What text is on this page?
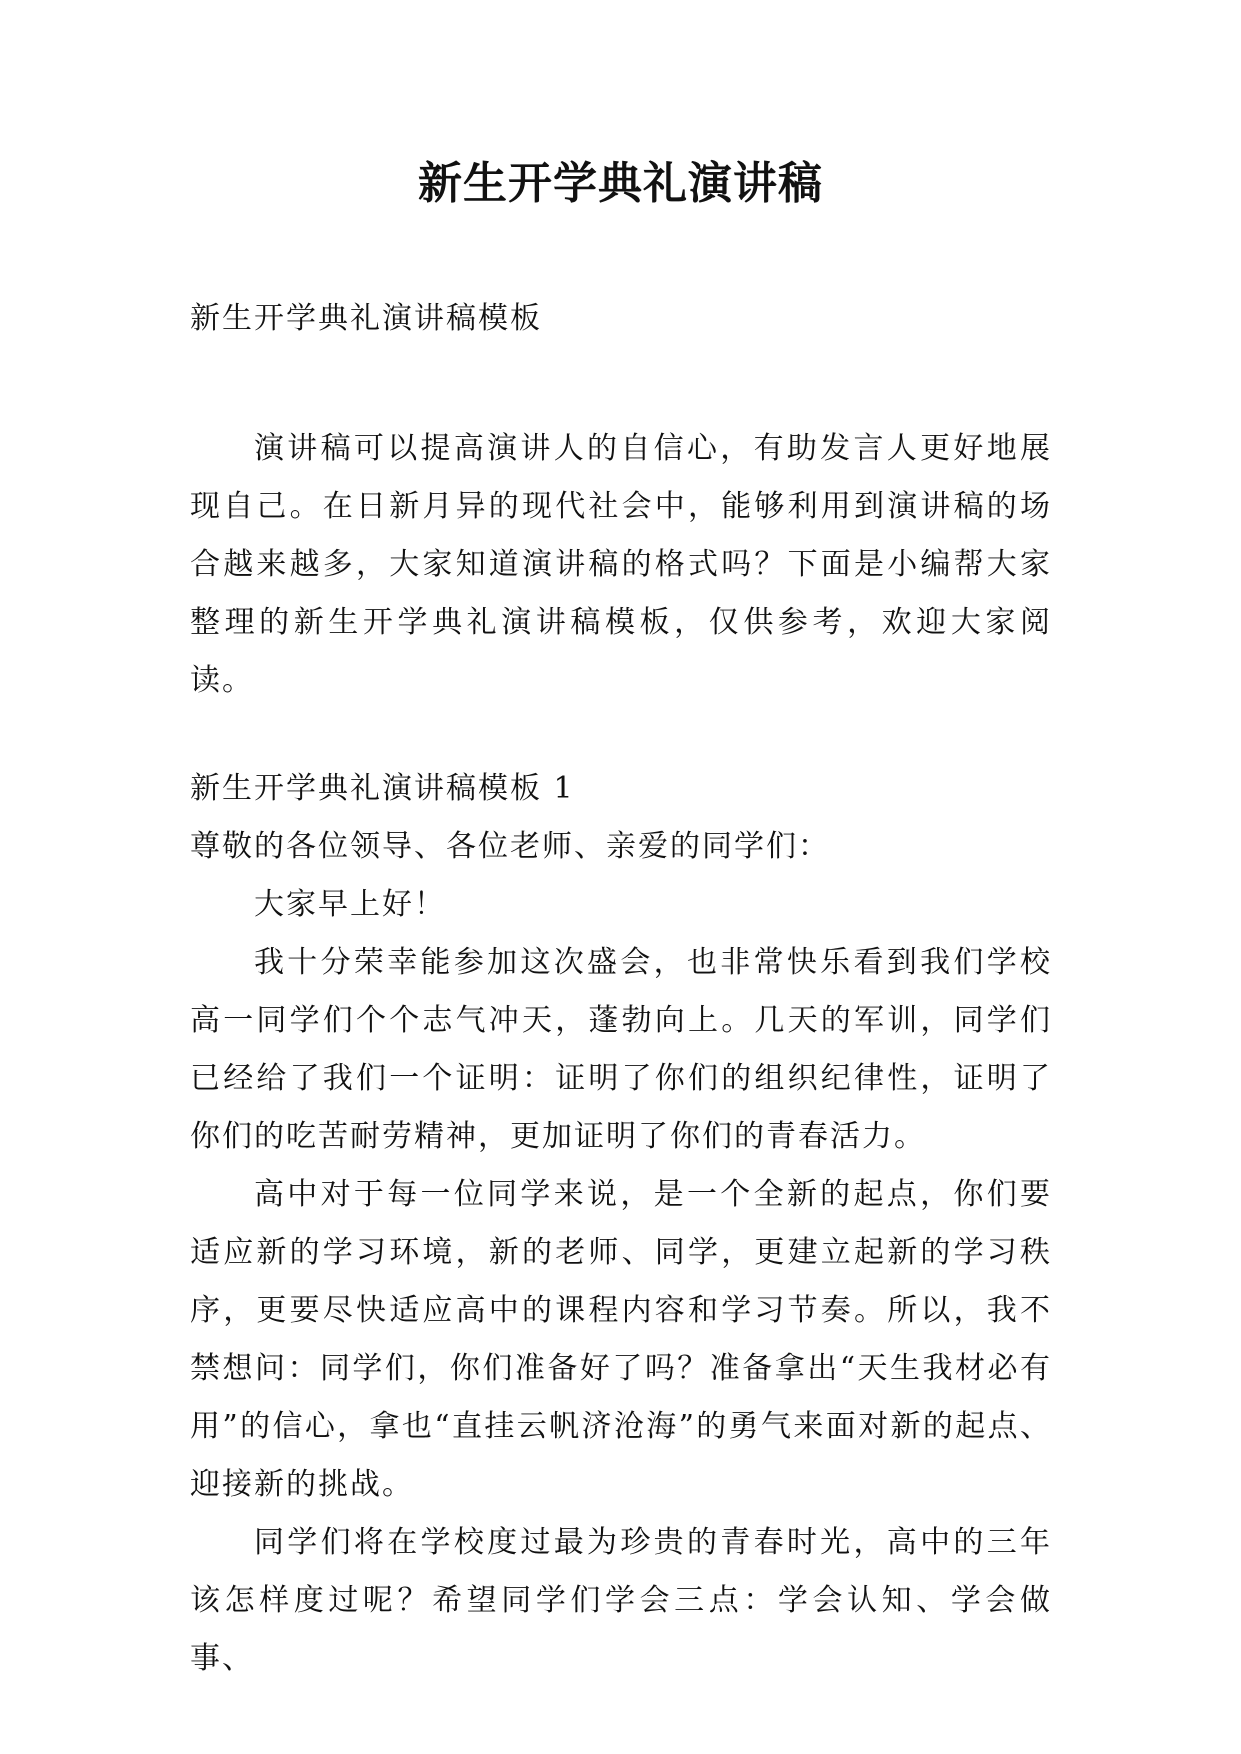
新生开学典礼演讲稿

新生开学典礼演讲稿模板

演讲稿可以提高演讲人的自信心，有助发言人更好地展现自己。在日新月异的现代社会中，能够利用到演讲稿的场合越来越多，大家知道演讲稿的格式吗？下面是小编帮大家整理的新生开学典礼演讲稿模板，仅供参考，欢迎大家阅读。

新生开学典礼演讲稿模板 1

尊敬的各位领导、各位老师、亲爱的同学们：

大家早上好！

我十分荣幸能参加这次盛会，也非常快乐看到我们学校高一同学们个个志气冲天，蓬勃向上。几天的军训，同学们已经给了我们一个证明：证明了你们的组织纪律性，证明了你们的吃苦耐劳精神，更加证明了你们的青春活力。

高中对于每一位同学来说，是一个全新的起点，你们要适应新的学习环境，新的老师、同学，更建立起新的学习秩序，更要尽快适应高中的课程内容和学习节奏。所以，我不禁想问：同学们，你们准备好了吗？准备拿出“天生我材必有用”的信心，拿也“直挂云帆济沧海”的勇气来面对新的起点、迎接新的挑战。

同学们将在学校度过最为珍贵的青春时光，高中的三年该怎样度过呢？希望同学们学会三点：学会认知、学会做事、
